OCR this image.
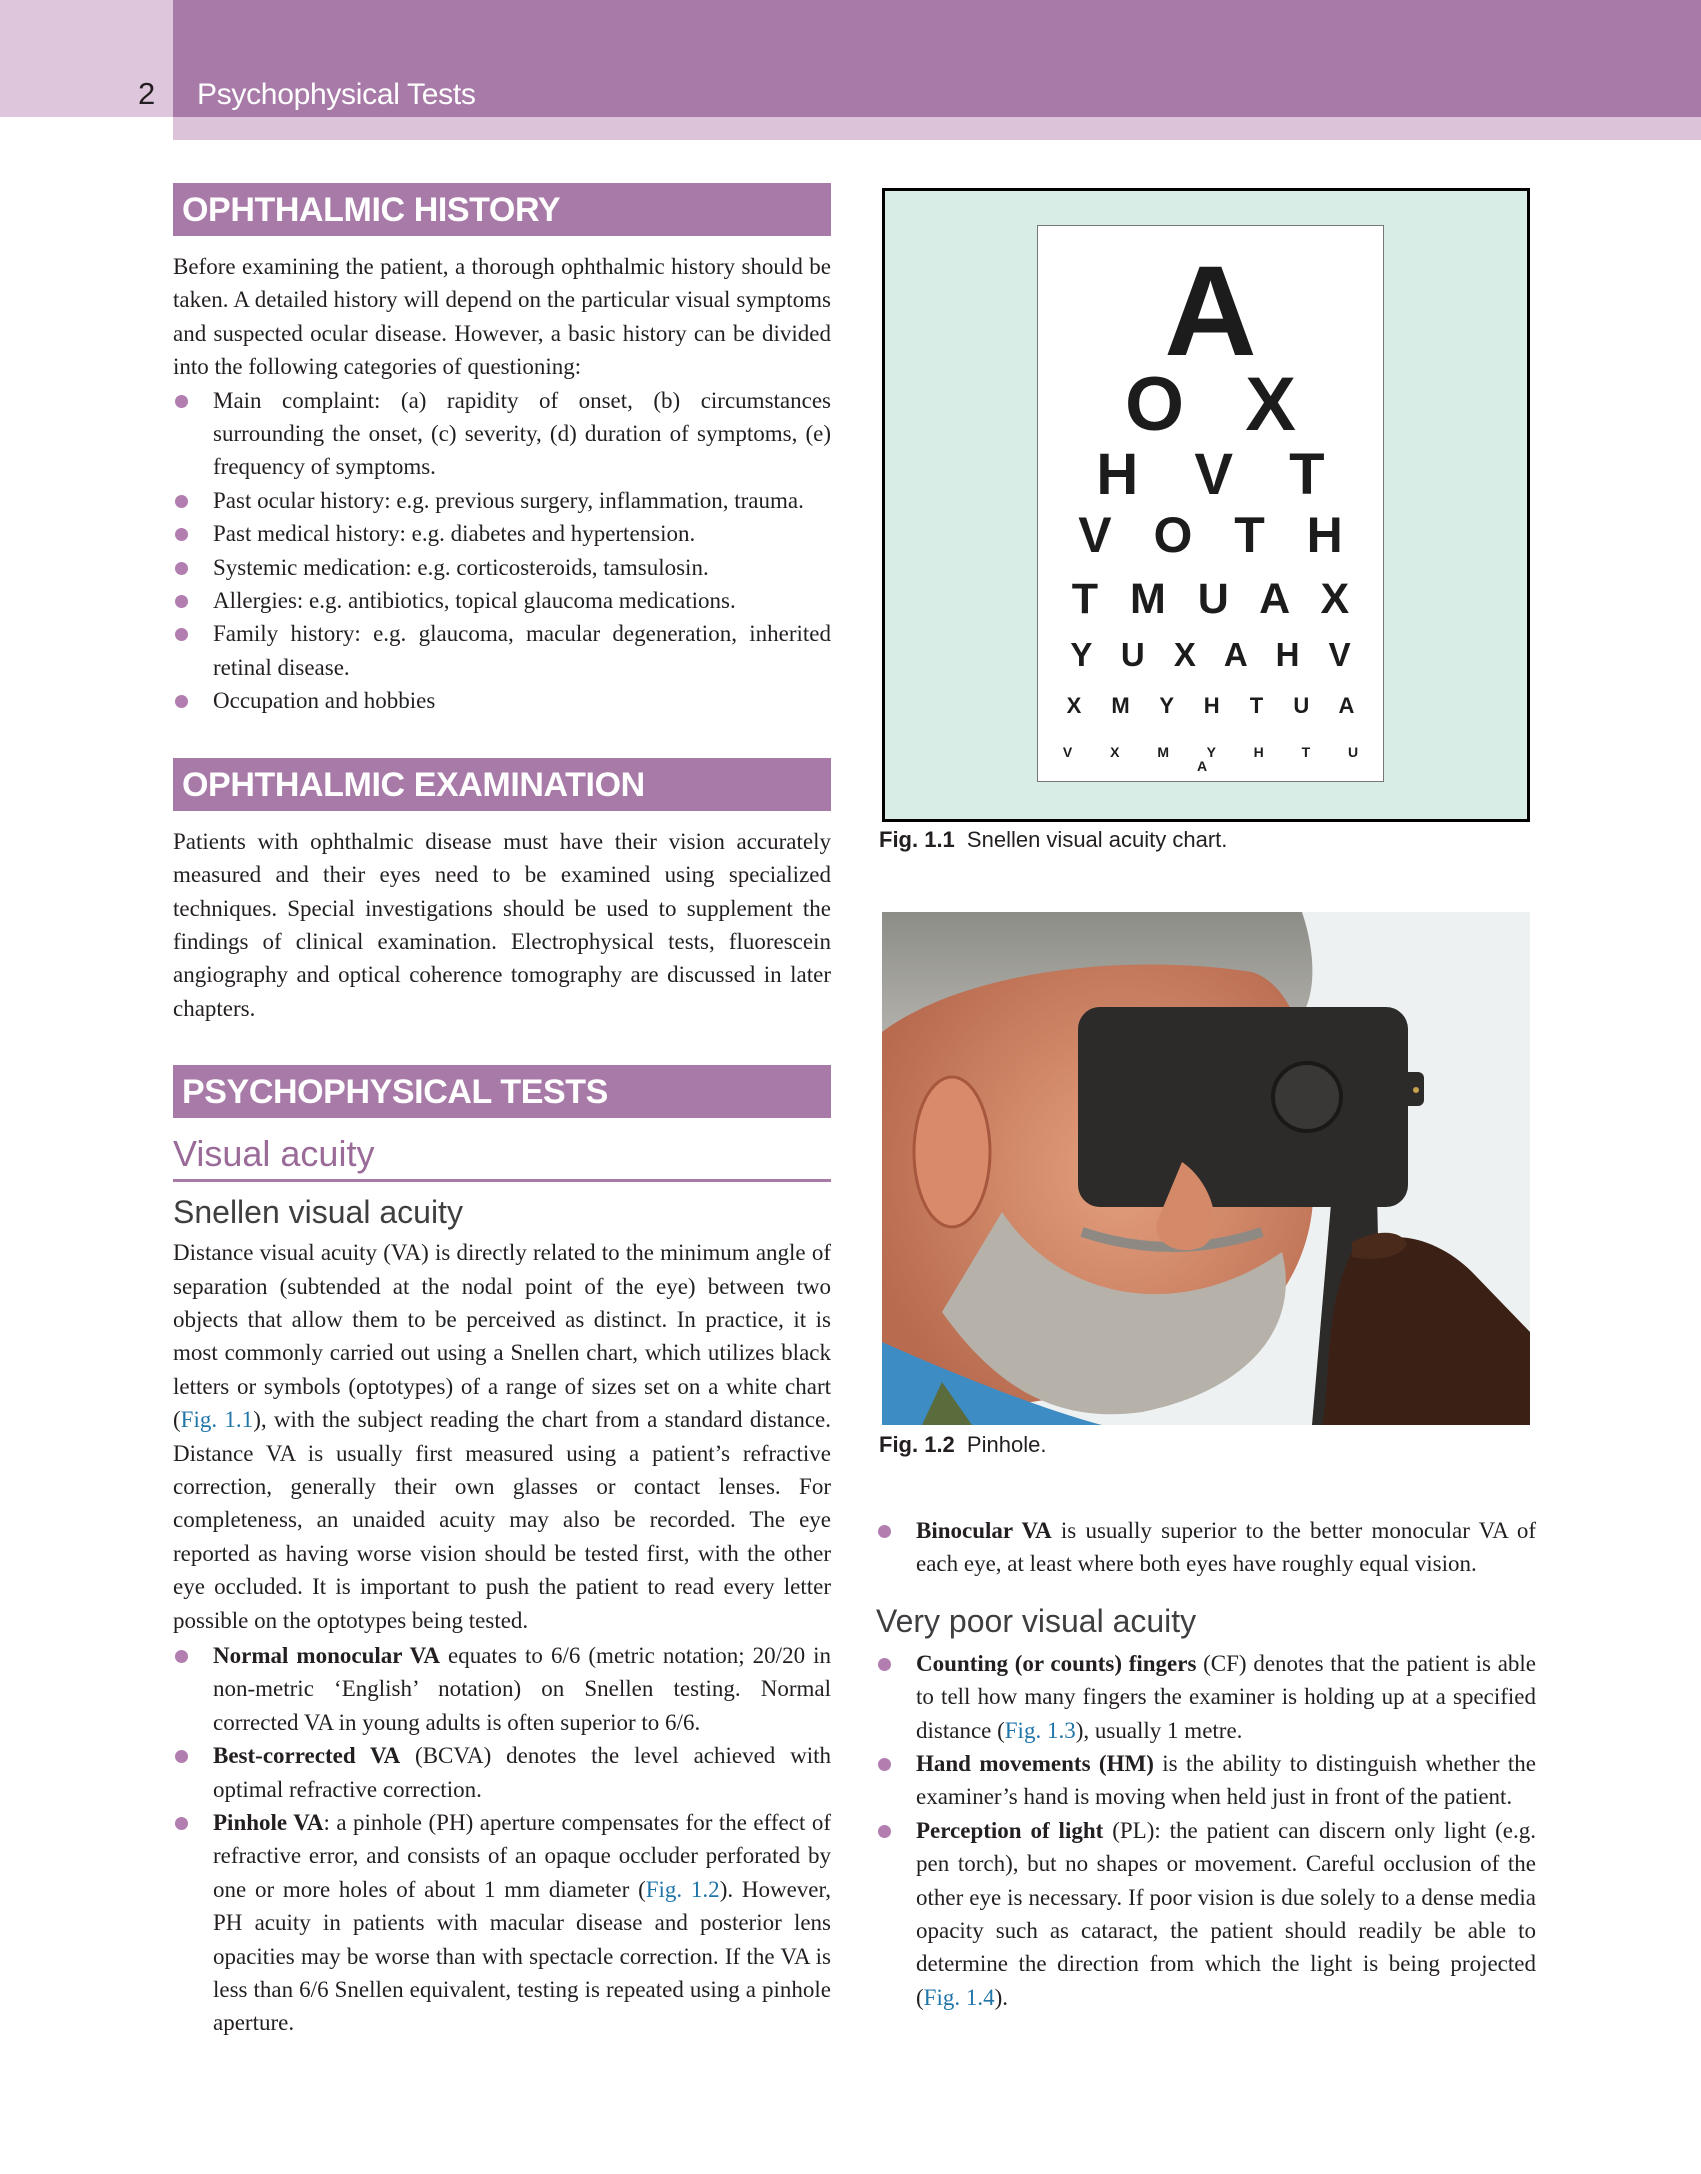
2 Psychophysical Tests
OPHTHALMIC HISTORY

Before examining the patient, a thorough ophthalmic history should be taken. A detailed history will depend on the particular visual symptoms and suspected ocular disease. However, a basic history can be divided into the following categories of questioning:

Main complaint: (a) rapidity of onset, (b) circumstances surrounding the onset, (c) severity, (d) duration of symptoms, (e) frequency of symptoms.
Past ocular history: e.g. previous surgery, inflammation, trauma.
Past medical history: e.g. diabetes and hypertension.
Systemic medication: e.g. corticosteroids, tamsulosin.
Allergies: e.g. antibiotics, topical glaucoma medications.
Family history: e.g. glaucoma, macular degeneration, inherited retinal disease.
Occupation and hobbies
OPHTHALMIC EXAMINATION

Patients with ophthalmic disease must have their vision accurately measured and their eyes need to be examined using specialized techniques. Special investigations should be used to supplement the findings of clinical examination. Electrophysical tests, fluorescein angiography and optical coherence tomography are discussed in later chapters.

PSYCHOPHYSICAL TESTS

Visual acuity

Snellen visual acuity

Distance visual acuity (VA) is directly related to the minimum angle of separation (subtended at the nodal point of the eye) between two objects that allow them to be perceived as distinct. In practice, it is most commonly carried out using a Snellen chart, which utilizes black letters or symbols (optotypes) of a range of sizes set on a white chart (Fig. 1.1), with the subject reading the chart from a standard distance. Distance VA is usually first measured using a patient’s refractive correction, generally their own glasses or contact lenses. For completeness, an unaided acuity may also be recorded. The eye reported as having worse vision should be tested first, with the other eye occluded. It is important to push the patient to read every letter possible on the optotypes being tested.

Normal monocular VA equates to 6/6 (metric notation; 20/20 in non-metric ‘English’ notation) on Snellen testing. Normal corrected VA in young adults is often superior to 6/6.
Best-corrected VA (BCVA) denotes the level achieved with optimal refractive correction.
Pinhole VA: a pinhole (PH) aperture compensates for the effect of refractive error, and consists of an opaque occluder perforated by one or more holes of about 1 mm diameter (Fig. 1.2). However, PH acuity in patients with macular disease and posterior lens opacities may be worse than with spectacle correction. If the VA is less than 6/6 Snellen equivalent, testing is repeated using a pinhole aperture.
A
O X
H V T
V O T H
T M U A X
Y U X A H V
X M Y H T U A
V X M Y H T U A
Fig. 1.1 Snellen visual acuity chart.
Fig. 1.2 Pinhole.
Binocular VA is usually superior to the better monocular VA of each eye, at least where both eyes have roughly equal vision.

Very poor visual acuity

Counting (or counts) fingers (CF) denotes that the patient is able to tell how many fingers the examiner is holding up at a specified distance (Fig. 1.3), usually 1 metre.
Hand movements (HM) is the ability to distinguish whether the examiner’s hand is moving when held just in front of the patient.
Perception of light (PL): the patient can discern only light (e.g. pen torch), but no shapes or movement. Careful occlusion of the other eye is necessary. If poor vision is due solely to a dense media opacity such as cataract, the patient should readily be able to determine the direction from which the light is being projected (Fig. 1.4).
